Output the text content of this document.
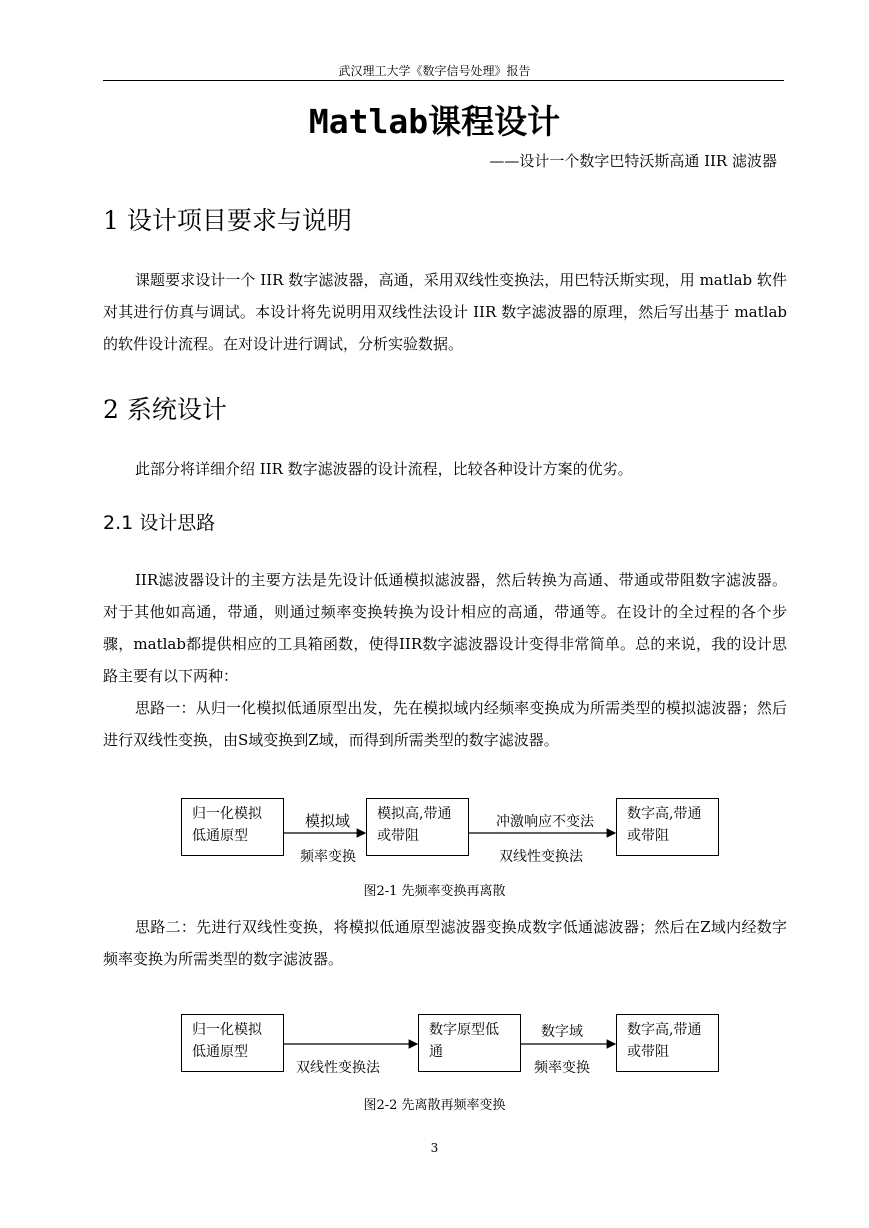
武汉理工大学《数字信号处理》报告
Matlab课程设计
——设计一个数字巴特沃斯高通 IIR 滤波器
1 设计项目要求与说明

课题要求设计一个 IIR 数字滤波器，高通，采用双线性变换法，用巴特沃斯实现，用 matlab 软件对其进行仿真与调试。本设计将先说明用双线性法设计 IIR 数字滤波器的原理，然后写出基于 matlab 的软件设计流程。在对设计进行调试，分析实验数据。

2 系统设计

此部分将详细介绍 IIR 数字滤波器的设计流程，比较各种设计方案的优劣。

2.1 设计思路

IIR滤波器设计的主要方法是先设计低通模拟滤波器，然后转换为高通、带通或带阻数字滤波器。对于其他如高通，带通，则通过频率变换转换为设计相应的高通，带通等。在设计的全过程的各个步骤，matlab都提供相应的工具箱函数，使得IIR数字滤波器设计变得非常简单。总的来说，我的设计思路主要有以下两种：

思路一：从归一化模拟低通原型出发，先在模拟域内经频率变换成为所需类型的模拟滤波器；然后进行双线性变换，由S域变换到Z域，而得到所需类型的数字滤波器。

归一化模拟低通原型
模拟高,带通或带阻
数字高,带通或带阻
模拟域
频率变换
冲激响应不变法
双线性变换法
图2-1 先频率变换再离散

思路二：先进行双线性变换，将模拟低通原型滤波器变换成数字低通滤波器；然后在Z域内经数字频率变换为所需类型的数字滤波器。

归一化模拟低通原型
数字原型低通
数字高,带通或带阻
双线性变换法
数字域
频率变换
图2-2 先离散再频率变换
3
